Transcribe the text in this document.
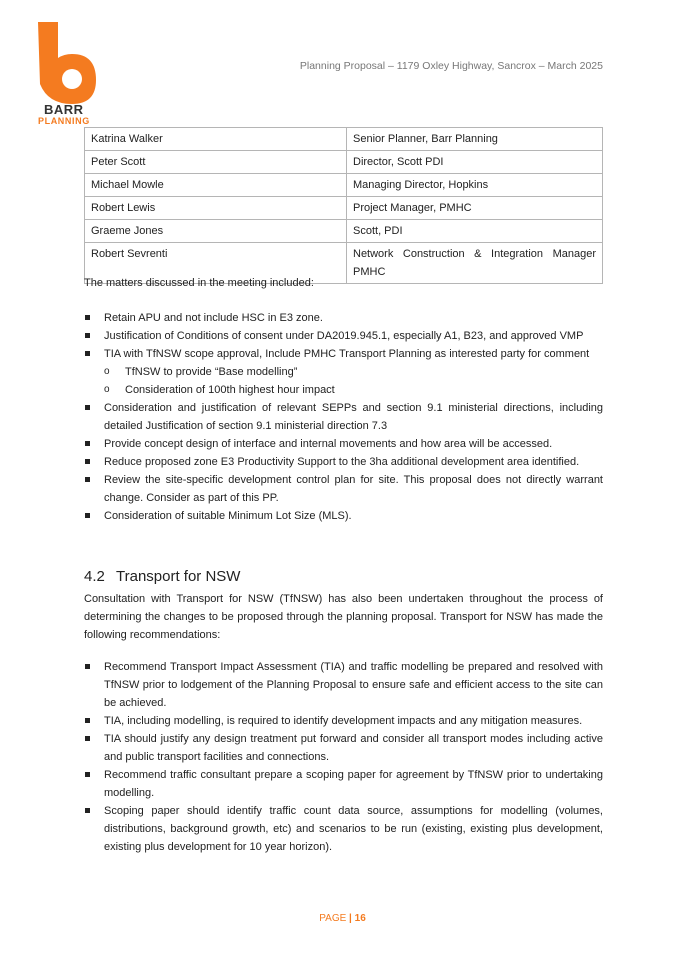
BARR
PLANNING
Planning Proposal – 1179 Oxley Highway, Sancrox – March 2025
Katrina Walker	Senior Planner, Barr Planning
Peter Scott	Director, Scott PDI
Michael Mowle	Managing Director, Hopkins
Robert Lewis	Project Manager, PMHC
Graeme Jones	Scott, PDI
Robert Sevrenti	Network Construction & Integration Manager PMHC
The matters discussed in the meeting included:
Retain APU and not include HSC in E3 zone.
Justification of Conditions of consent under DA2019.945.1, especially A1, B23, and approved VMP
TIA with TfNSW scope approval, Include PMHC Transport Planning as interested party for comment
o TfNSW to provide “Base modelling”
o Consideration of 100th highest hour impact
Consideration and justification of relevant SEPPs and section 9.1 ministerial directions, including detailed Justification of section 9.1 ministerial direction 7.3
Provide concept design of interface and internal movements and how area will be accessed.
Reduce proposed zone E3 Productivity Support to the 3ha additional development area identified.
Review the site-specific development control plan for site. This proposal does not directly warrant change. Consider as part of this PP.
Consideration of suitable Minimum Lot Size (MLS).
4.2 Transport for NSW
Consultation with Transport for NSW (TfNSW) has also been undertaken throughout the process of determining the changes to be proposed through the planning proposal. Transport for NSW has made the following recommendations:
Recommend Transport Impact Assessment (TIA) and traffic modelling be prepared and resolved with TfNSW prior to lodgement of the Planning Proposal to ensure safe and efficient access to the site can be achieved.
TIA, including modelling, is required to identify development impacts and any mitigation measures.
TIA should justify any design treatment put forward and consider all transport modes including active and public transport facilities and connections.
Recommend traffic consultant prepare a scoping paper for agreement by TfNSW prior to undertaking modelling.
Scoping paper should identify traffic count data source, assumptions for modelling (volumes, distributions, background growth, etc) and scenarios to be run (existing, existing plus development, existing plus development for 10 year horizon).
PAGE | 16
